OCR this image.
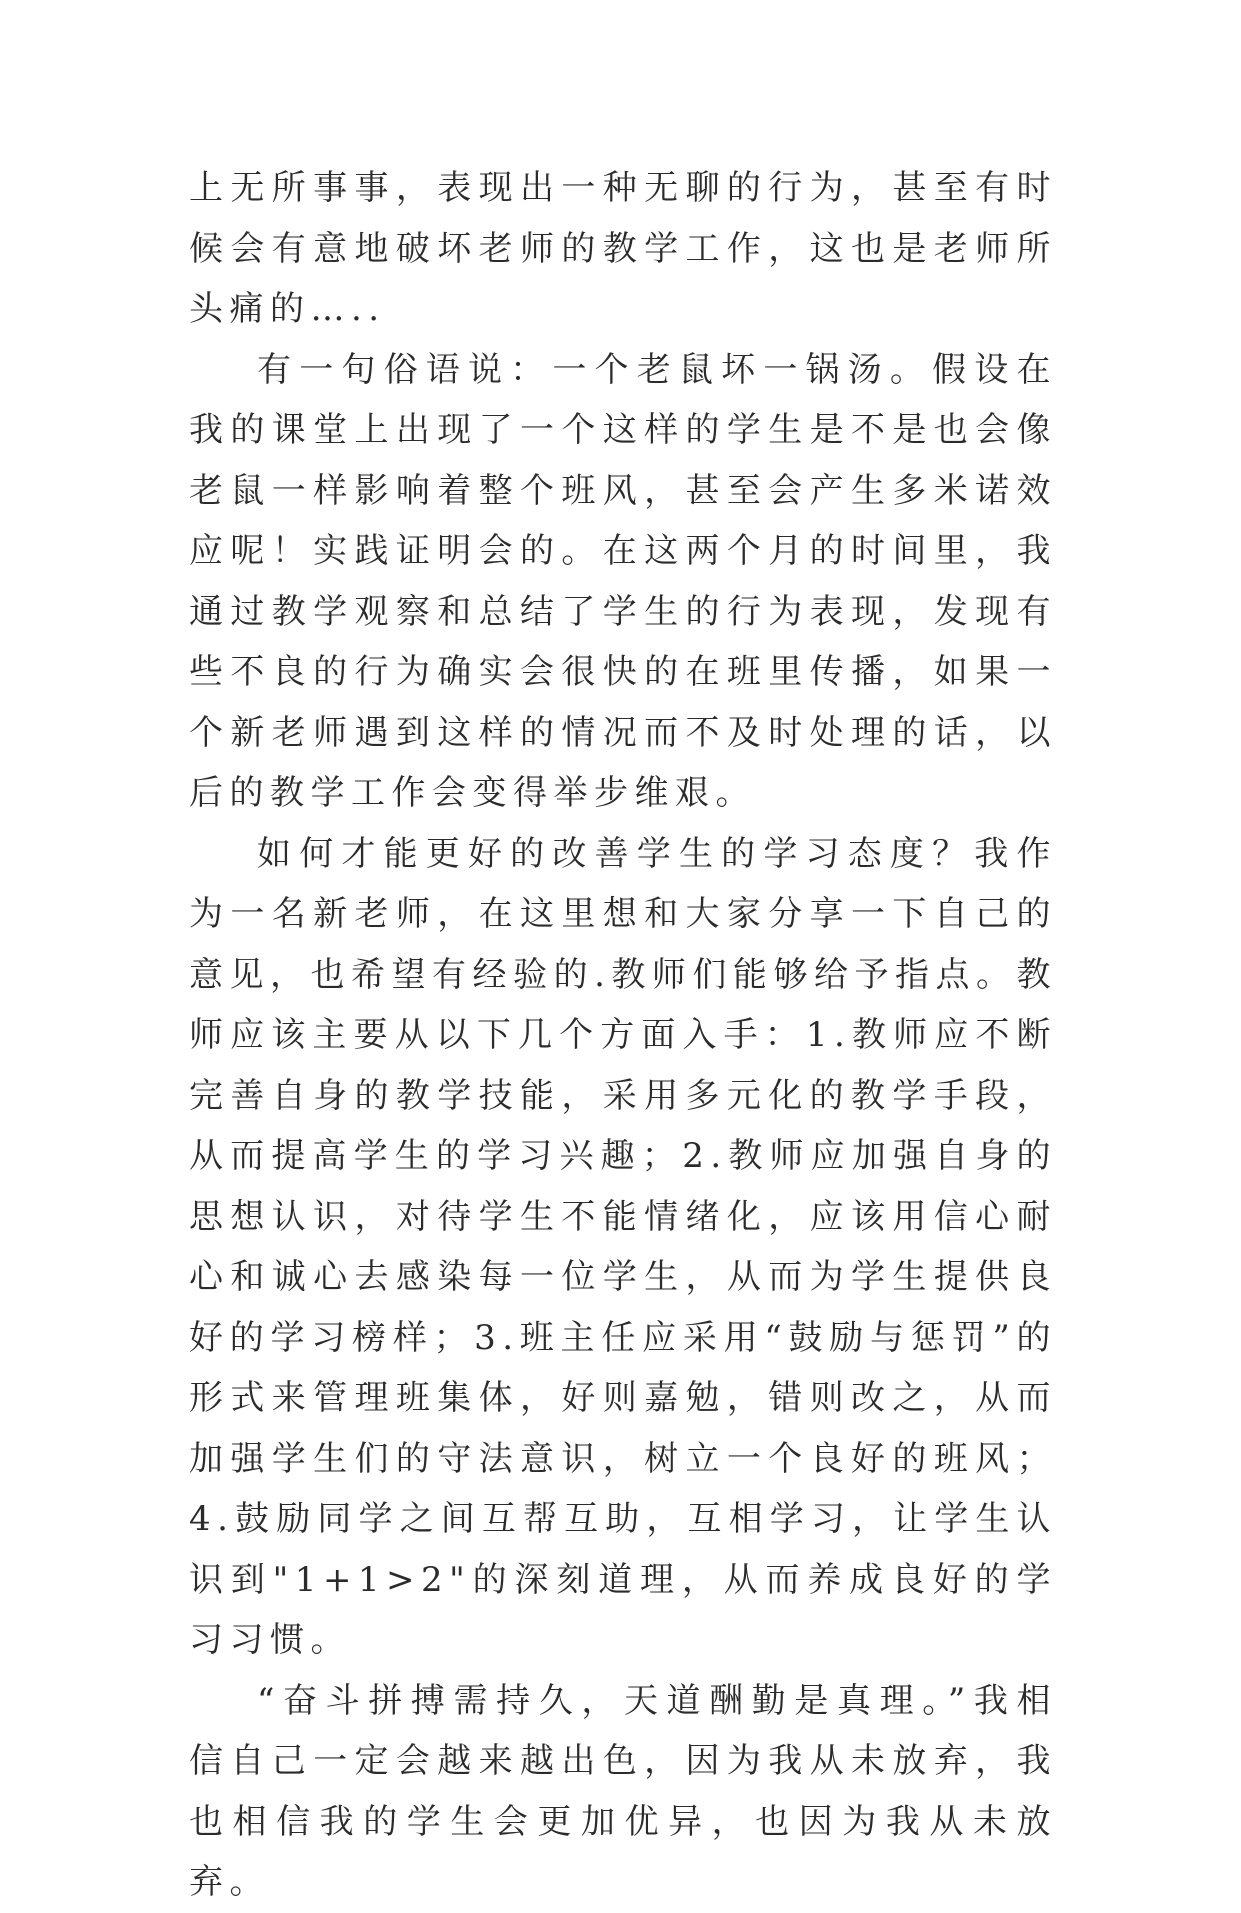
上无所事事，表现出一种无聊的行为，甚至有时候会有意地破坏老师的教学工作，这也是老师所头痛的…..

有一句俗语说：一个老鼠坏一锅汤。假设在我的课堂上出现了一个这样的学生是不是也会像老鼠一样影响着整个班风，甚至会产生多米诺效应呢！实践证明会的。在这两个月的时间里，我通过教学观察和总结了学生的行为表现，发现有些不良的行为确实会很快的在班里传播，如果一个新老师遇到这样的情况而不及时处理的话，以后的教学工作会变得举步维艰。

如何才能更好的改善学生的学习态度？我作为一名新老师，在这里想和大家分享一下自己的意见，也希望有经验的.教师们能够给予指点。教师应该主要从以下几个方面入手：1.教师应不断完善自身的教学技能，采用多元化的教学手段，从而提高学生的学习兴趣；2.教师应加强自身的思想认识，对待学生不能情绪化，应该用信心耐心和诚心去感染每一位学生，从而为学生提供良好的学习榜样；3.班主任应采用“鼓励与惩罚”的形式来管理班集体，好则嘉勉，错则改之，从而加强学生们的守法意识，树立一个良好的班风；4.鼓励同学之间互帮互助，互相学习，让学生认识到"1+1>2"的深刻道理，从而养成良好的学习习惯。

“奋斗拼搏需持久，天道酬勤是真理。”我相信自己一定会越来越出色，因为我从未放弃，我也相信我的学生会更加优异，也因为我从未放弃。
